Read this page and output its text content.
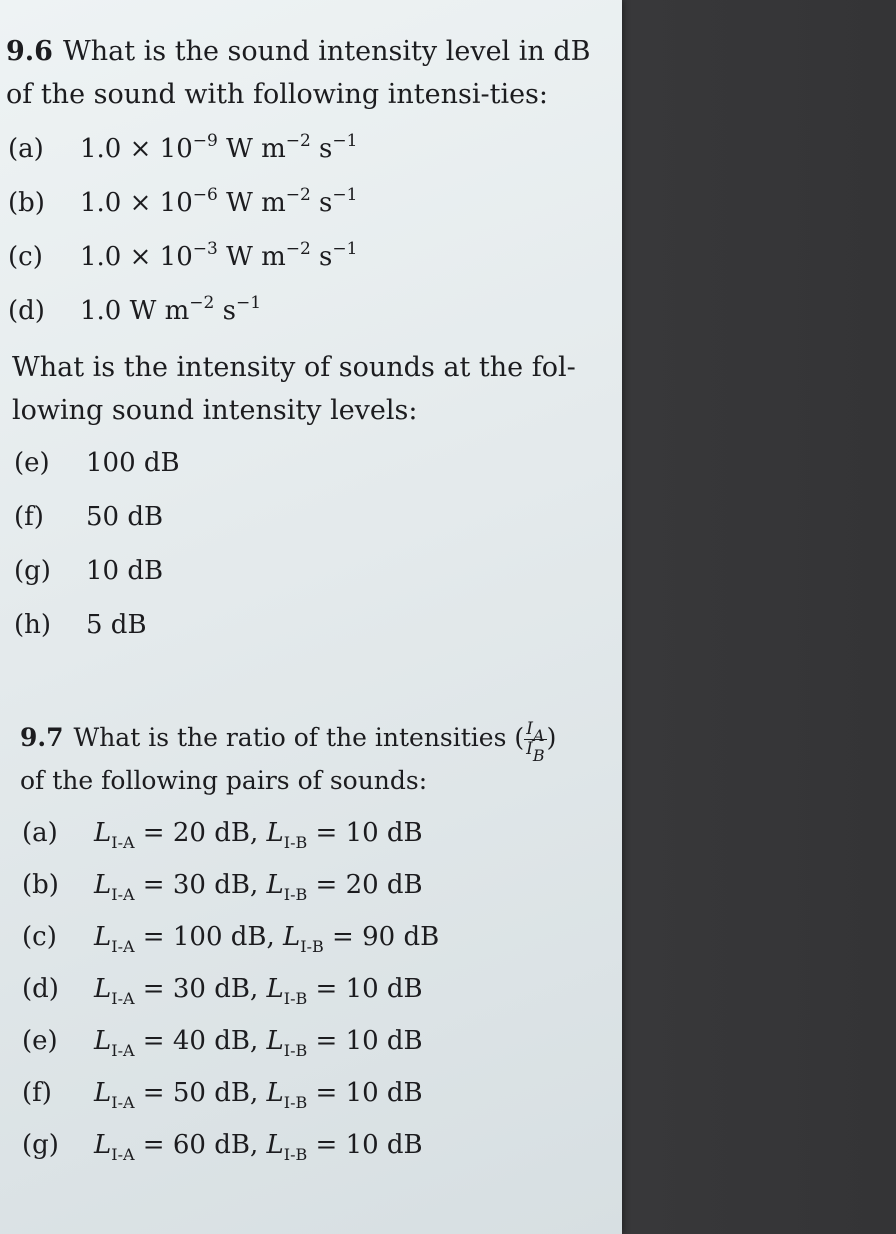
9.6 What is the sound intensity level in dB of the sound with following intensi-ties:

(a) $1.0 \times 10^{-9}$ W $m^{-2}$ $s^{-1}$
(b) $1.0 \times 10^{-6}$ W $m^{-2}$ $s^{-1}$
(c) $1.0 \times 10^{-3}$ W $m^{-2}$ $s^{-1}$
(d) 1.0 W $m^{-2}$ $s^{-1}$

What is the intensity of sounds at the fol-lowing sound intensity levels:

(e) 100 dB
(f) 50 dB
(g) 10 dB
(h) 5 dB

9.7 What is the ratio of the intensities ( $\frac{I_A}{I_B}$ )

of the following pairs of sounds:

(a) $L_{I-A} = 20$ dB, $L_{I-B} = 10$ dB
(b) $L_{I-A} = 30$ dB, $L_{I-B} = 20$ dB
(c) $L_{I-A} = 100$ dB, $L_{I-B} = 90$ dB
(d) $L_{I-A} = 30$ dB, $L_{I-B} = 10$ dB
(e) $L_{I-A} = 40$ dB, $L_{I-B} = 10$ dB
(f) $L_{I-A} = 50$ dB, $L_{I-B} = 10$ dB
(g) $L_{I-A} = 60$ dB, $L_{I-B} = 10$ dB
